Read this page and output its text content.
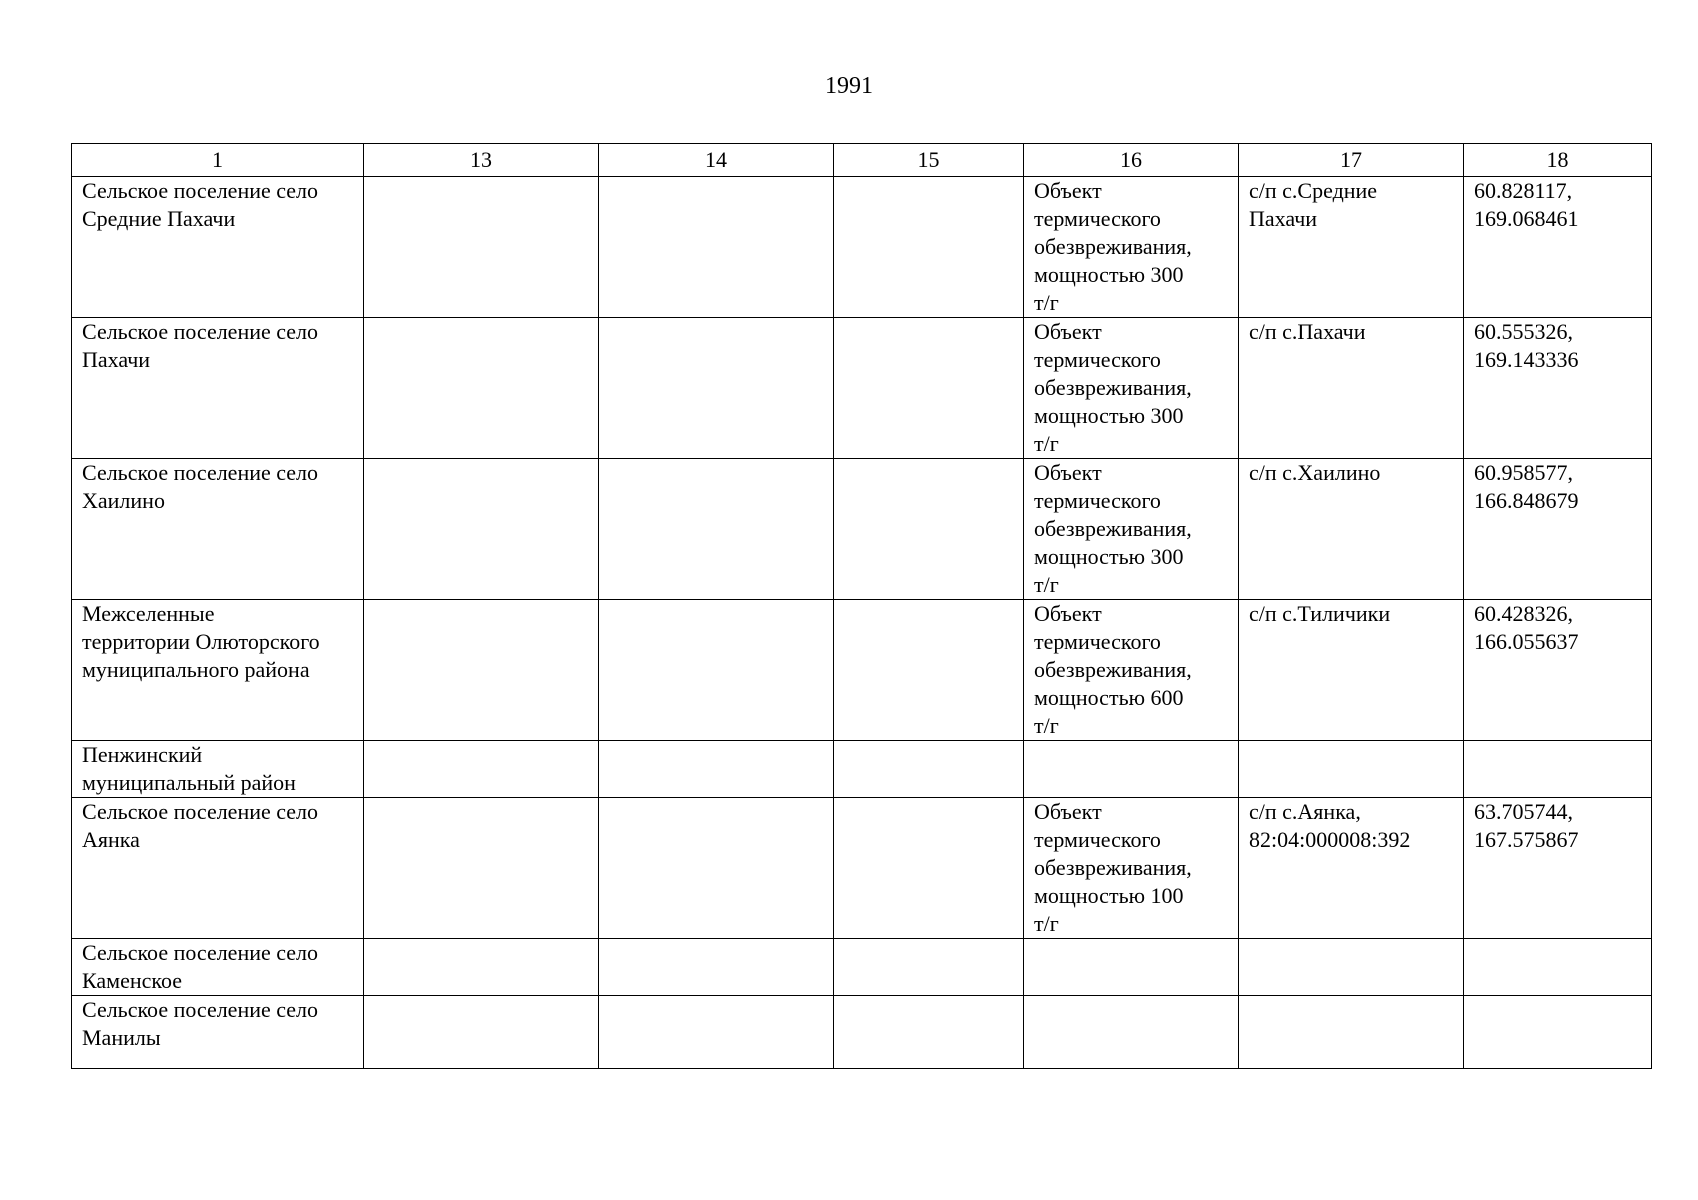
1991
1	13	14	15	16	17	18

Сельское поселение село
Средние Пахачи				Объект
термического
обезвреживания,
мощностью 300
т/г	с/п с.Средние
Пахачи	60.828117,
169.068461

Сельское поселение село
Пахачи				Объект
термического
обезвреживания,
мощностью 300
т/г	с/п с.Пахачи	60.555326,
169.143336

Сельское поселение село
Хаилино				Объект
термического
обезвреживания,
мощностью 300
т/г	с/п с.Хаилино	60.958577,
166.848679

Межселенные
территории Олюторского
муниципального района				Объект
термического
обезвреживания,
мощностью 600
т/г	с/п с.Тиличики	60.428326,
166.055637

Пенжинский
муниципальный район						

Сельское поселение село
Аянка				Объект
термического
обезвреживания,
мощностью 100
т/г	с/п с.Аянка,
82:04:000008:392	63.705744,
167.575867

Сельское поселение село
Каменское						

Сельское поселение село
Манилы						
